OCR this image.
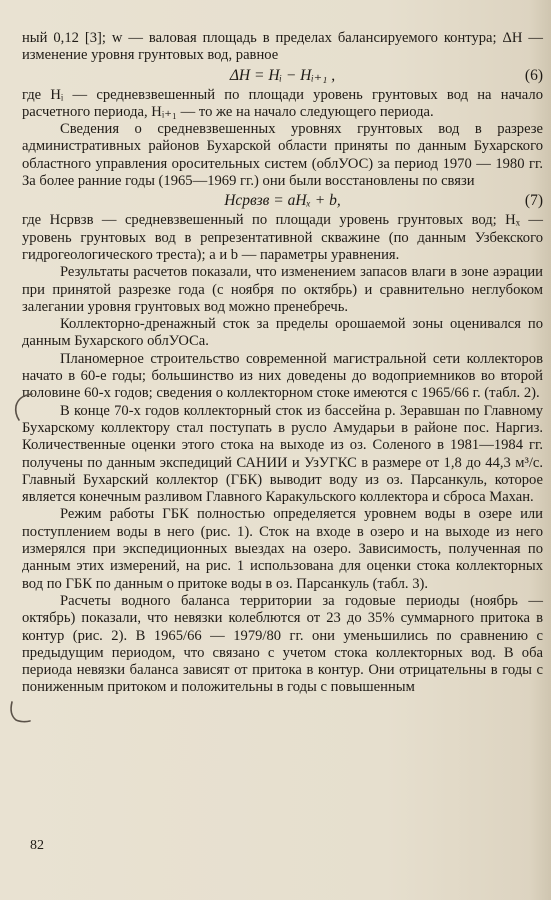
ный 0,12 [3]; w — валовая площадь в пределах балансируемого контура; ΔH — изменение уровня грунтовых вод, равное

ΔH = Hᵢ − Hᵢ₊₁ ,	(6)

где Hᵢ — средневзвешенный по площади уровень грунтовых вод на начало расчетного периода, Hᵢ₊₁ — то же на начало следующего периода.

Сведения о средневзвешенных уровнях грунтовых вод в разрезе административных районов Бухарской области приняты по данным Бухарского областного управления оросительных систем (облУОС) за период 1970 — 1980 гг. За более ранние годы (1965—1969 гг.) они были восстановлены по связи

Hсрвзв = aHₓ + b,	(7)

где Hсрвзв — средневзвешенный по площади уровень грунтовых вод; Hₓ — уровень грунтовых вод в репрезентативной скважине (по данным Узбекского гидрогеологического треста); a и b — параметры уравнения.

Результаты расчетов показали, что изменением запасов влаги в зоне аэрации при принятой разрезке года (с ноября по октябрь) и сравнительно неглубоком залегании уровня грунтовых вод можно пренебречь.

Коллекторно-дренажный сток за пределы орошаемой зоны оценивался по данным Бухарского облУОСа.

Планомерное строительство современной магистральной сети коллекторов начато в 60-е годы; большинство из них доведены до водоприемников во второй половине 60-х годов; сведения о коллекторном стоке имеются с 1965/66 г. (табл. 2).

В конце 70-х годов коллекторный сток из бассейна р. Зеравшан по Главному Бухарскому коллектору стал поступать в русло Амударьи в районе пос. Наргиз. Количественные оценки этого стока на выходе из оз. Соленого в 1981—1984 гг. получены по данным экспедиций САНИИ и УзУГКС в размере от 1,8 до 44,3 м³/с. Главный Бухарский коллектор (ГБК) выводит воду из оз. Парсанкуль, которое является конечным разливом Главного Каракульского коллектора и сброса Махан.

Режим работы ГБК полностью определяется уровнем воды в озере или поступлением воды в него (рис. 1). Сток на входе в озеро и на выходе из него измерялся при экспедиционных выездах на озеро. Зависимость, полученная по данным этих измерений, на рис. 1 использована для оценки стока коллекторных вод по ГБК по данным о притоке воды в оз. Парсанкуль (табл. 3).

Расчеты водного баланса территории за годовые периоды (ноябрь — октябрь) показали, что невязки колеблются от 23 до 35% суммарного притока в контур (рис. 2). В 1965/66 — 1979/80 гг. они уменьшились по сравнению с предыдущим периодом, что связано с учетом стока коллекторных вод. В оба периода невязки баланса зависят от притока в контур. Они отрицательны в годы с пониженным притоком и положительны в годы с повышенным

82
